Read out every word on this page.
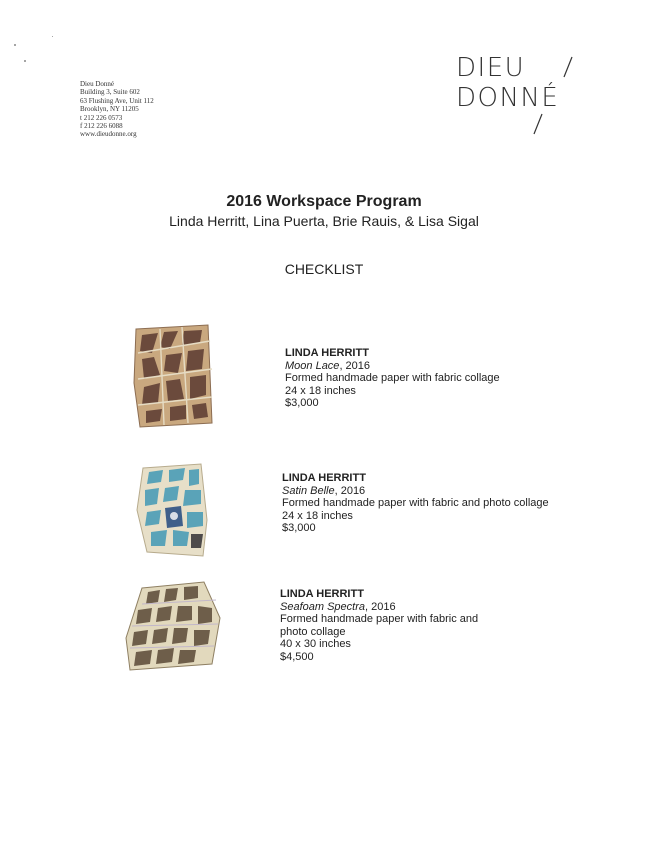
Dieu Donné
Building 3, Suite 602
63 Flushing Ave, Unit 112
Brooklyn, NY 11205
t 212 226 0573
f 212 226 6088
www.dieudonne.org
DIEU
DONNÉ
2016 Workspace Program
Linda Herritt, Lina Puerta, Brie Rauis, & Lisa Sigal
CHECKLIST
LINDA HERRITT
Moon Lace, 2016
Formed handmade paper with fabric collage
24 x 18 inches
$3,000
LINDA HERRITT
Satin Belle, 2016
Formed handmade paper with fabric and photo collage
24 x 18 inches
$3,000
LINDA HERRITT
Seafoam Spectra, 2016
Formed handmade paper with fabric and
photo collage
40 x 30 inches
$4,500
